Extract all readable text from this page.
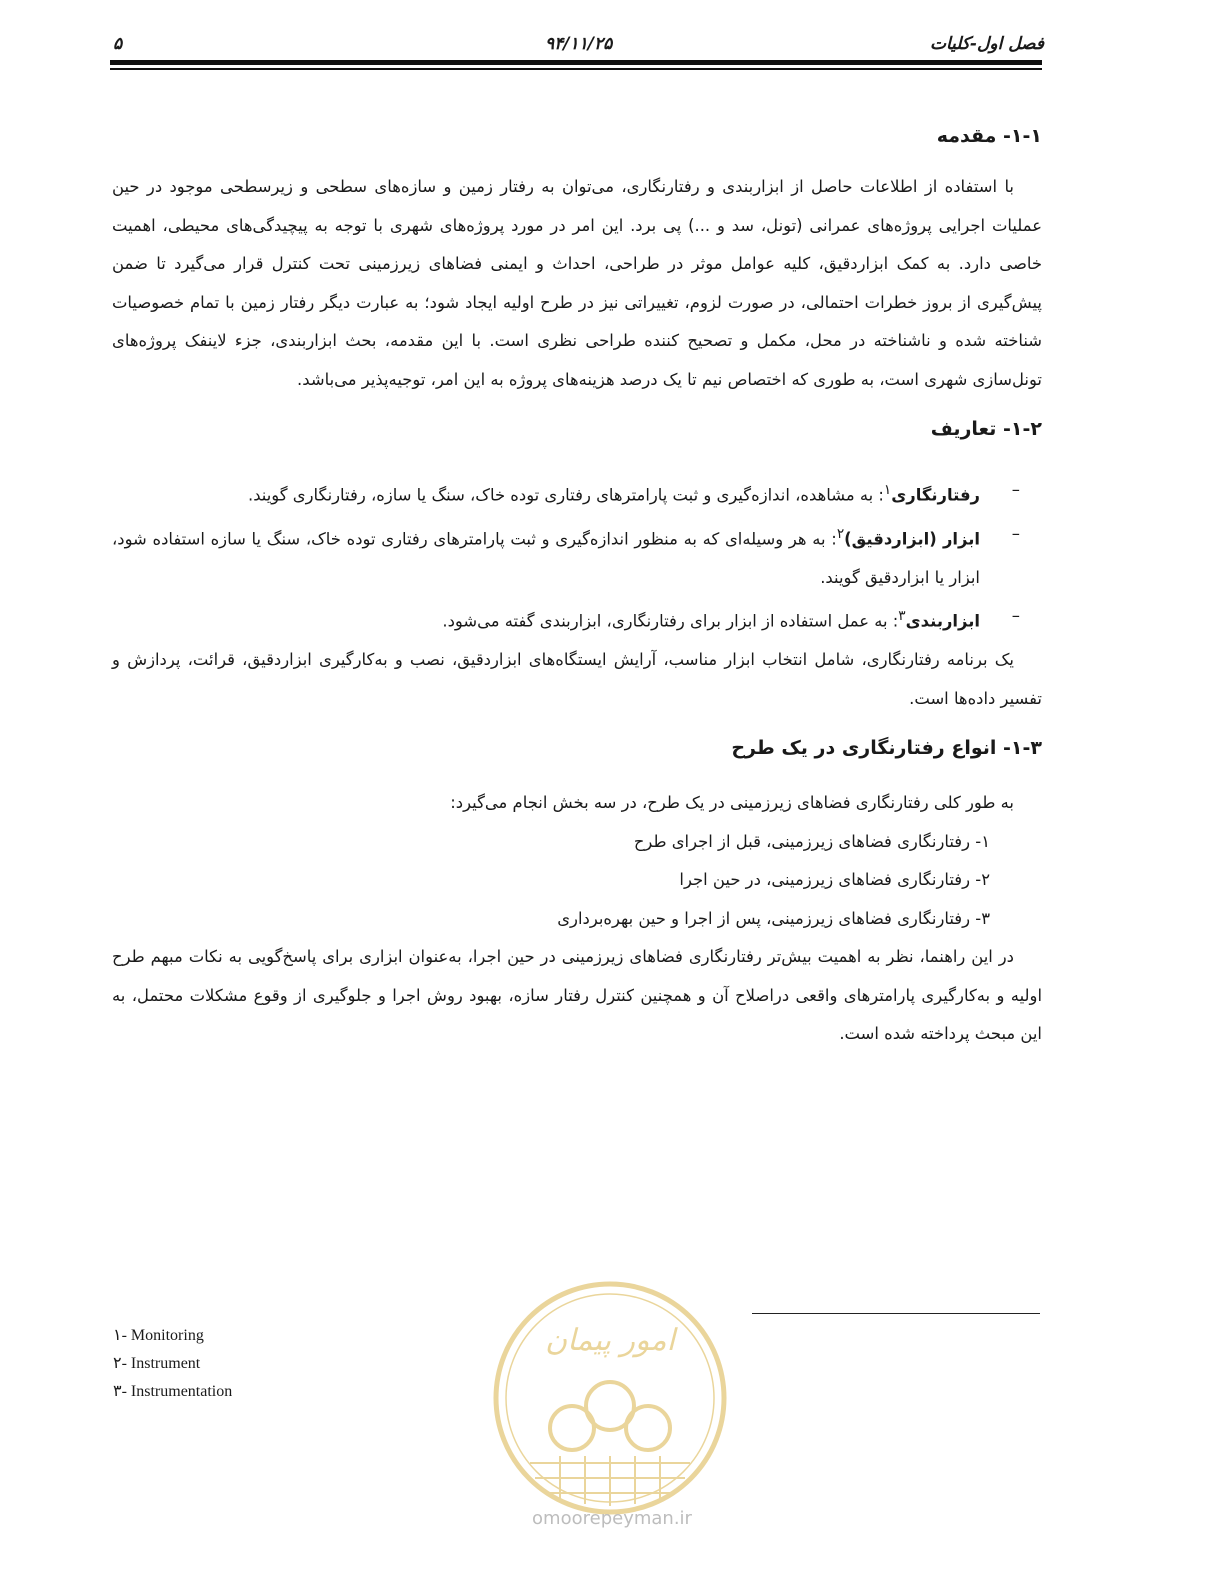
فصل اول-کلیات
۹۴/۱۱/۲۵
۵
۱-۱- مقدمه

با استفاده از اطلاعات حاصل از ابزاربندی و رفتارنگاری، می‌توان به رفتار زمین و سازه‌های سطحی و زیرسطحی موجود در حین عملیات اجرایی پروژه‌های عمرانی (تونل، سد و ...) پی برد. این امر در مورد پروژه‌های شهری با توجه به پیچیدگی‌های محیطی، اهمیت خاصی دارد. به کمک ابزاردقیق، کلیه عوامل موثر در طراحی، احداث و ایمنی فضاهای زیرزمینی تحت کنترل قرار می‌گیرد تا ضمن پیش‌گیری از بروز خطرات احتمالی، در صورت لزوم، تغییراتی نیز در طرح اولیه ایجاد شود؛ به عبارت دیگر رفتار زمین با تمام خصوصیات شناخته شده و ناشناخته در محل، مکمل و تصحیح کننده طراحی نظری است. با این مقدمه، بحث ابزاربندی، جزء لاینفک پروژه‌های تونل‌سازی شهری است، به طوری که اختصاص نیم تا یک درصد هزینه‌های پروژه به این امر، توجیه‌پذیر می‌باشد.

۱-۲- تعاریف
– رفتارنگاری$^۱$: به مشاهده، اندازه‌گیری و ثبت پارامترهای رفتاری توده خاک، سنگ یا سازه، رفتارنگاری گویند.
– ابزار (ابزاردقیق)$^۲$: به هر وسیله‌ای که به منظور اندازه‌گیری و ثبت پارامترهای رفتاری توده خاک، سنگ یا سازه استفاده شود، ابزار یا ابزاردقیق گویند.
– ابزاربندی$^۳$: به عمل استفاده از ابزار برای رفتارنگاری، ابزاربندی گفته می‌شود.

یک برنامه رفتارنگاری، شامل انتخاب ابزار مناسب، آرایش ایستگاه‌های ابزاردقیق، نصب و به‌کارگیری ابزاردقیق، قرائت، پردازش و تفسیر داده‌ها است.

۱-۳- انواع رفتارنگاری در یک طرح

به طور کلی رفتارنگاری فضاهای زیرزمینی در یک طرح، در سه بخش انجام می‌گیرد:

۱- رفتارنگاری فضاهای زیرزمینی، قبل از اجرای طرح
۲- رفتارنگاری فضاهای زیرزمینی، در حین اجرا
۳- رفتارنگاری فضاهای زیرزمینی، پس از اجرا و حین بهره‌برداری

در این راهنما، نظر به اهمیت بیش‌تر رفتارنگاری فضاهای زیرزمینی در حین اجرا، به‌عنوان ابزاری برای پاسخ‌گویی به نکات مبهم طرح اولیه و به‌کارگیری پارامترهای واقعی دراصلاح آن و همچنین کنترل رفتار سازه، بهبود روش اجرا و جلوگیری از وقوع مشکلات محتمل، به این مبحث پرداخته شده است.

امور پیمان
omoorepeyman.ir
۱- Monitoring
۲- Instrument
۳- Instrumentation
